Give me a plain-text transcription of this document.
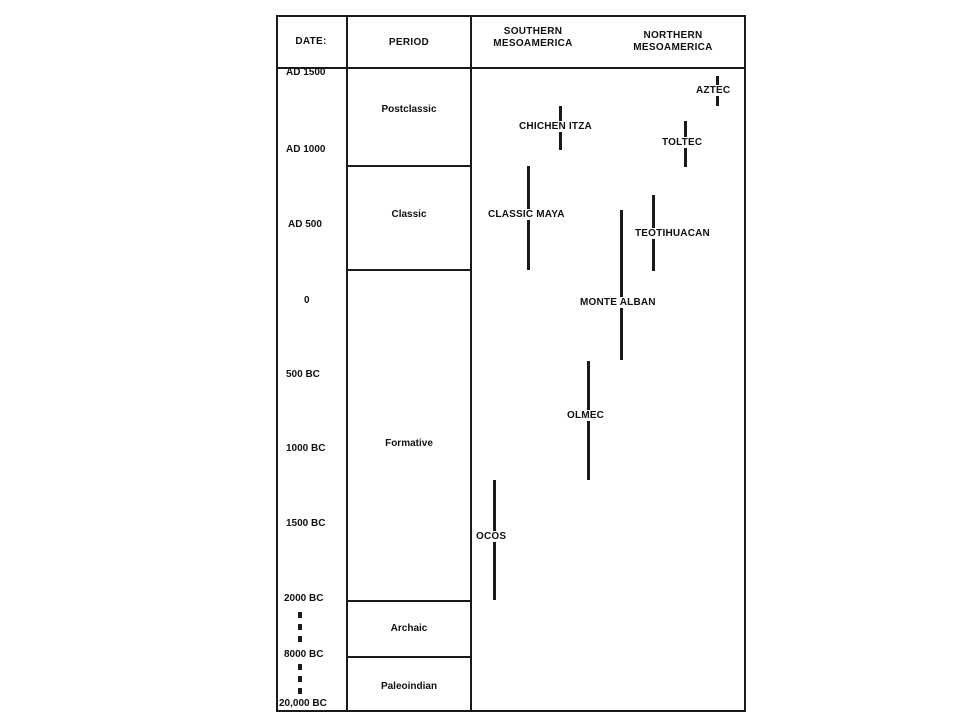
DATE:	PERIOD
SOUTHERN
MESOAMERICA
NORTHERN
MESOAMERICA
AD 1500
AD 1000
AD 500
0
500 BC
1000 BC
1500 BC
2000 BC
8000 BC
20,000 BC
Postclassic
Classic
Formative
Archaic
Paleoindian
AZTEC
CHICHEN ITZA
TOLTEC
CLASSIC MAYA
TEOTIHUACAN
MONTE ALBAN
OLMEC
OCOS
